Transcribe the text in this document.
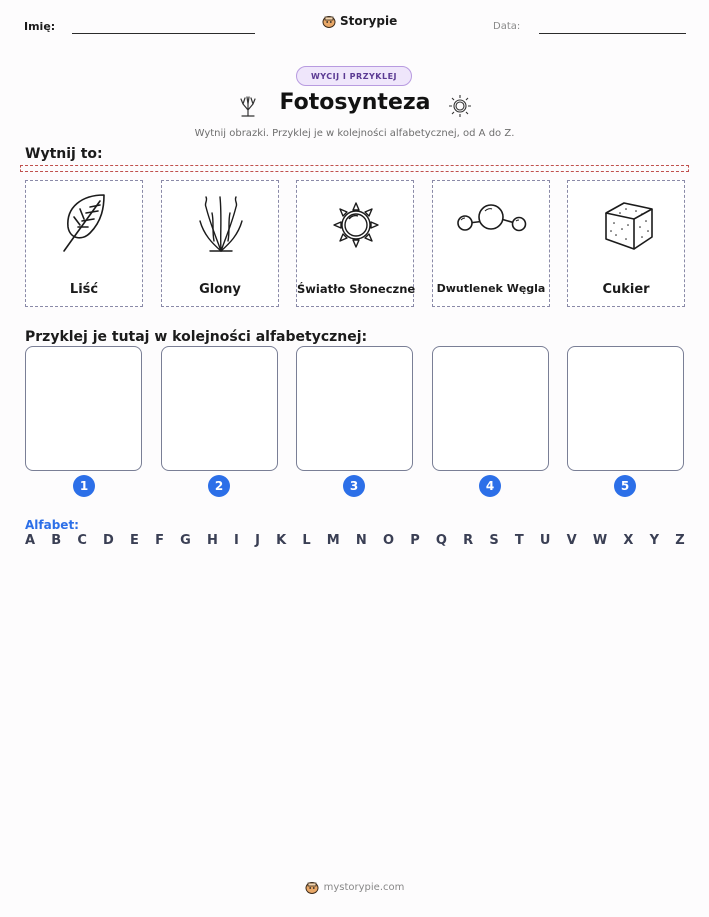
Imię:	Storypie	Data:
WYCIJ I PRZYKLEJ
Fotosynteza
Wytnij obrazki. Przyklej je w kolejności alfabetycznej, od A do Z.
Wytnij to:
Liść	Glony	Światło Słoneczne	Dwutlenek Węgla	Cukier
Przyklej je tutaj w kolejności alfabetycznej:
1	2	3	4	5
Alfabet:
A B C D E F G H I J K L M N O P Q R S T U V W X Y Z
mystorypie.com
